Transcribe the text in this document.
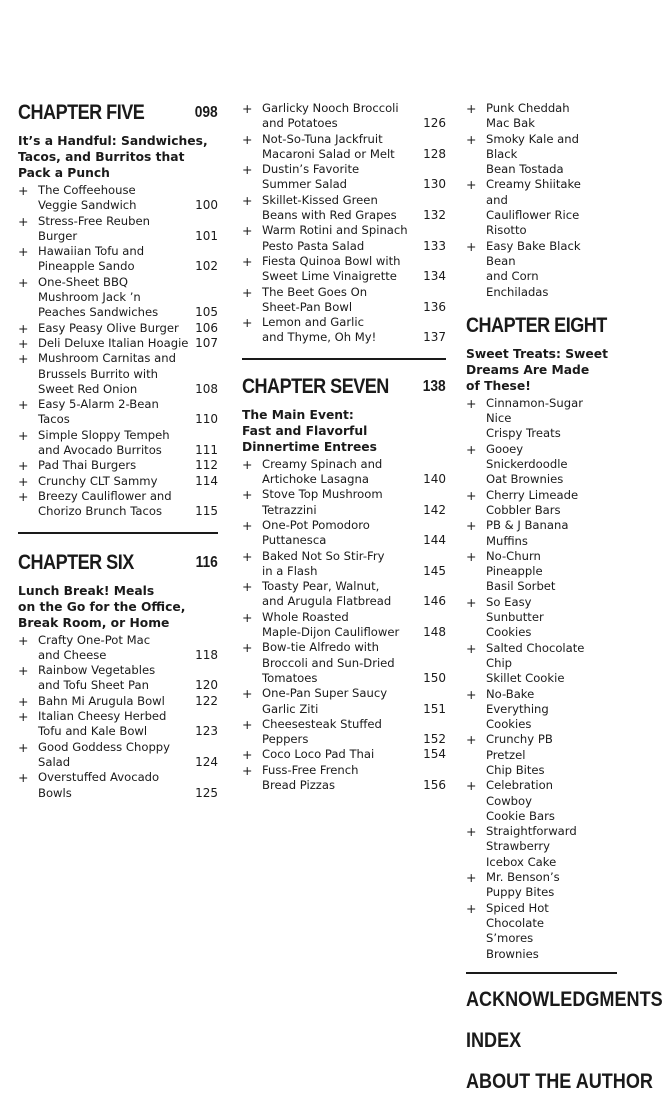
CHAPTER FIVE	098
It’s a Handful: Sandwiches,
Tacos, and Burritos that
Pack a Punch
+ The Coffeehouse
Veggie Sandwich	100
+ Stress-Free Reuben
Burger	101
+ Hawaiian Tofu and
Pineapple Sando	102
+ One-Sheet BBQ
Mushroom Jack ’n
Peaches Sandwiches	105
+ Easy Peasy Olive Burger	106
+ Deli Deluxe Italian Hoagie 107
+ Mushroom Carnitas and
Brussels Burrito with
Sweet Red Onion	108
+ Easy 5-Alarm 2-Bean Tacos	110
+ Simple Sloppy Tempeh
and Avocado Burritos	111
+ Pad Thai Burgers	112
+ Crunchy CLT Sammy	114
+ Breezy Cauliflower and
Chorizo Brunch Tacos	115
CHAPTER SIX	116
Lunch Break! Meals
on the Go for the Office,
Break Room, or Home
+ Crafty One-Pot Mac
and Cheese	118
+ Rainbow Vegetables
and Tofu Sheet Pan	120
+ Bahn Mi Arugula Bowl	122
+ Italian Cheesy Herbed
Tofu and Kale Bowl	123
+ Good Goddess Choppy
Salad	124
+ Overstuffed Avocado
Bowls	125
+ Garlicky Nooch Broccoli
and Potatoes	126
+ Not-So-Tuna Jackfruit
Macaroni Salad or Melt	128
+ Dustin’s Favorite
Summer Salad	130
+ Skillet-Kissed Green
Beans with Red Grapes	132
+ Warm Rotini and Spinach
Pesto Pasta Salad	133
+ Fiesta Quinoa Bowl with
Sweet Lime Vinaigrette	134
+ The Beet Goes On
Sheet-Pan Bowl	136
+ Lemon and Garlic
and Thyme, Oh My!	137
CHAPTER SEVEN 138
The Main Event:
Fast and Flavorful
Dinnertime Entrees
+ Creamy Spinach and
Artichoke Lasagna	140
+ Stove Top Mushroom
Tetrazzini	142
+ One-Pot Pomodoro
Puttanesca	144
+ Baked Not So Stir-Fry
in a Flash	145
+ Toasty Pear, Walnut,
and Arugula Flatbread	146
+ Whole Roasted
Maple-Dijon Cauliflower	148
+ Bow-tie Alfredo with
Broccoli and Sun-Dried
Tomatoes	150
+ One-Pan Super Saucy
Garlic Ziti	151
+ Cheesesteak Stuffed
Peppers	152
+ Coco Loco Pad Thai	154
+ Fuss-Free French
Bread Pizzas	156
+ Punk Cheddah Mac Bak
+ Smoky Kale and Black
Bean Tostada
+ Creamy Shiitake and
Cauliflower Rice Risotto
+ Easy Bake Black Bean
and Corn Enchiladas
CHAPTER EIGHT
Sweet Treats: Sweet
Dreams Are Made
of These!
+ Cinnamon-Sugar Nice
Crispy Treats
+ Gooey Snickerdoodle
Oat Brownies
+ Cherry Limeade
Cobbler Bars
+ PB & J Banana Muffins
+ No-Churn Pineapple
Basil Sorbet
+ So Easy Sunbutter
Cookies
+ Salted Chocolate Chip
Skillet Cookie
+ No-Bake Everything
Cookies
+ Crunchy PB Pretzel
Chip Bites
+ Celebration Cowboy
Cookie Bars
+ Straightforward
Strawberry Icebox Cake
+ Mr. Benson’s Puppy Bites
+ Spiced Hot Chocolate
S’mores Brownies
ACKNOWLEDGMENTS
INDEX
ABOUT THE AUTHOR
